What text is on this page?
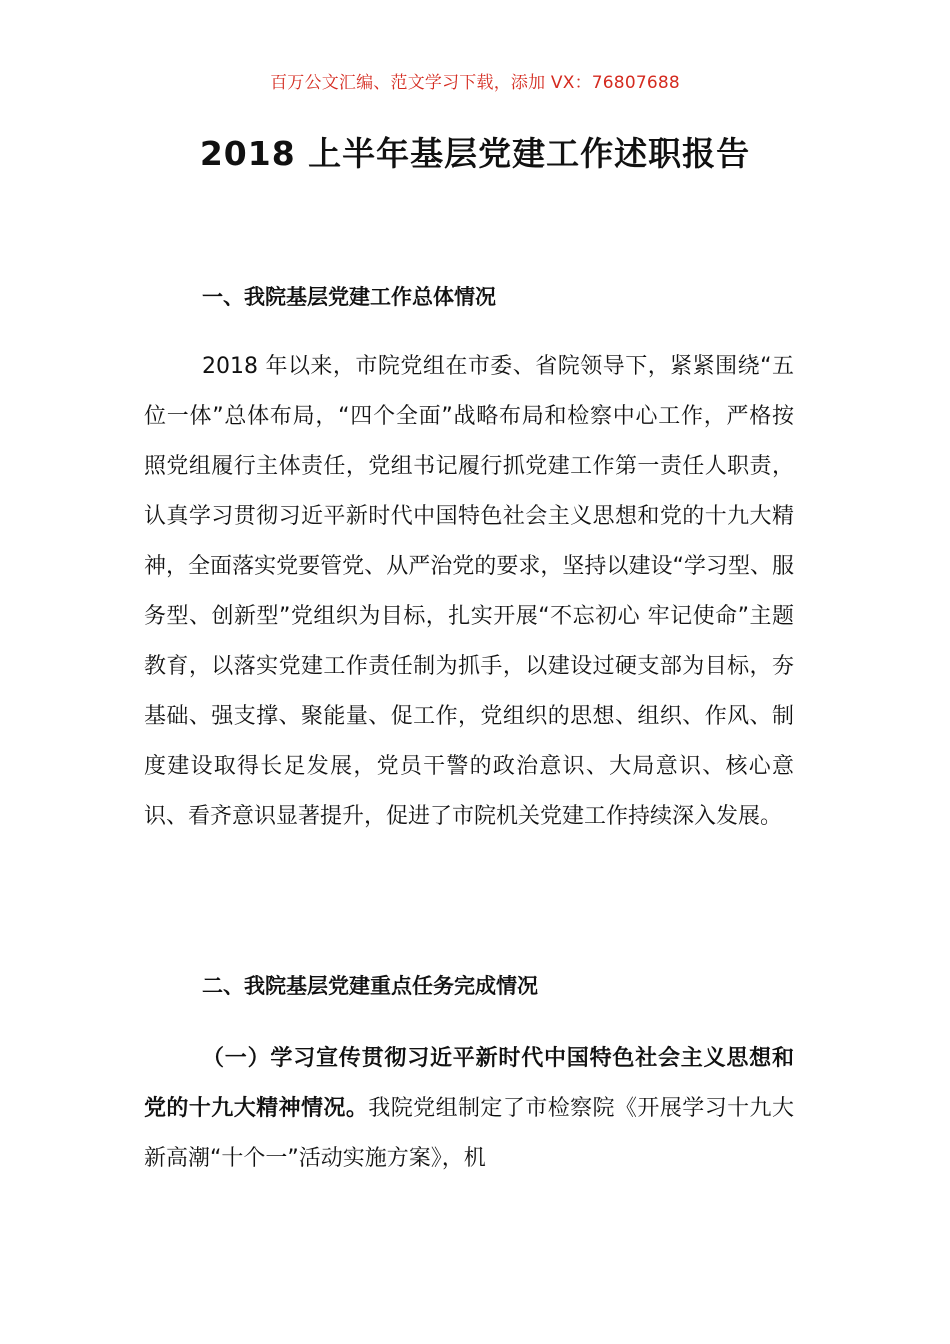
百万公文汇编、范文学习下载，添加 VX：76807688
2018 上半年基层党建工作述职报告
一、我院基层党建工作总体情况

2018 年以来，市院党组在市委、省院领导下，紧紧围绕“五位一体”总体布局，“四个全面”战略布局和检察中心工作，严格按照党组履行主体责任，党组书记履行抓党建工作第一责任人职责，认真学习贯彻习近平新时代中国特色社会主义思想和党的十九大精神，全面落实党要管党、从严治党的要求，坚持以建设“学习型、服务型、创新型”党组织为目标，扎实开展“不忘初心 牢记使命”主题教育，以落实党建工作责任制为抓手，以建设过硬支部为目标，夯基础、强支撑、聚能量、促工作，党组织的思想、组织、作风、制度建设取得长足发展，党员干警的政治意识、大局意识、核心意识、看齐意识显著提升，促进了市院机关党建工作持续深入发展。

二、我院基层党建重点任务完成情况

（一）学习宣传贯彻习近平新时代中国特色社会主义思想和党的十九大精神情况。我院党组制定了市检察院《开展学习十九大新高潮“十个一”活动实施方案》，机
